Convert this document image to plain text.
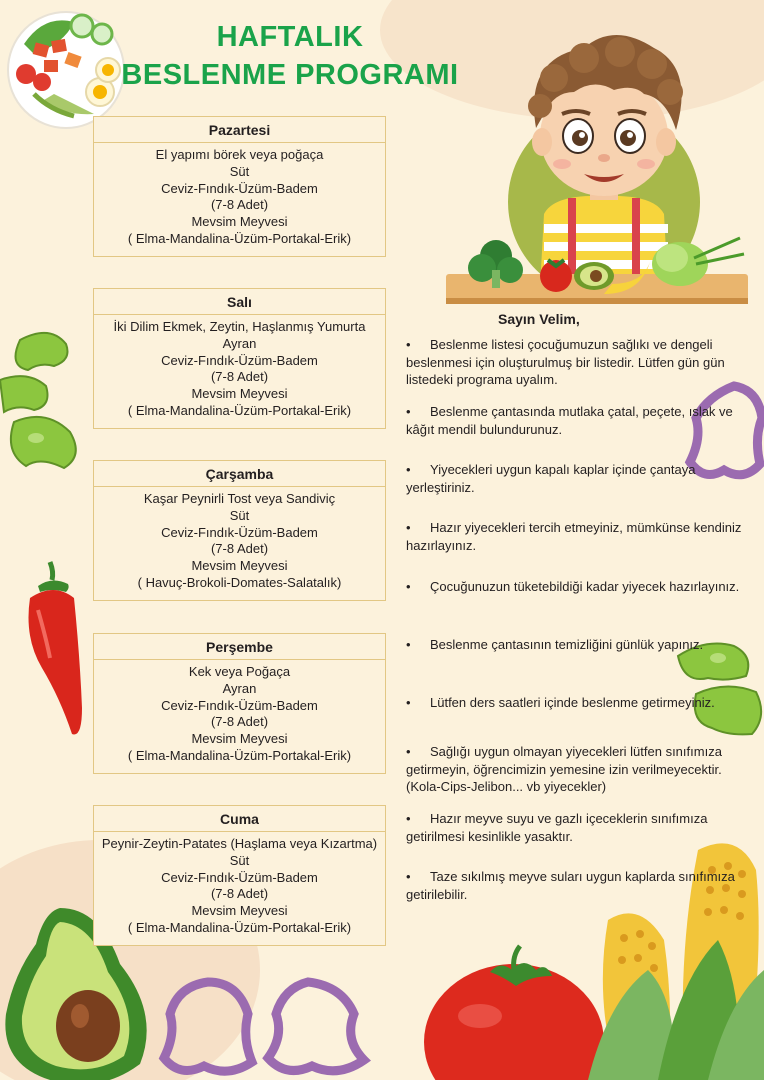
HAFTALIK
BESLENME PROGRAMI
Pazartesi
El yapımı börek veya poğaça
Süt
Ceviz-Fındık-Üzüm-Badem
(7-8 Adet)
Mevsim Meyvesi
( Elma-Mandalina-Üzüm-Portakal-Erik)
Salı
İki Dilim Ekmek, Zeytin, Haşlanmış Yumurta
Ayran
Ceviz-Fındık-Üzüm-Badem
(7-8 Adet)
Mevsim Meyvesi
( Elma-Mandalina-Üzüm-Portakal-Erik)
Çarşamba
Kaşar Peynirli Tost veya Sandiviç
Süt
Ceviz-Fındık-Üzüm-Badem
(7-8 Adet)
Mevsim Meyvesi
( Havuç-Brokoli-Domates-Salatalık)
Perşembe
Kek veya Poğaça
Ayran
Ceviz-Fındık-Üzüm-Badem
(7-8 Adet)
Mevsim Meyvesi
( Elma-Mandalina-Üzüm-Portakal-Erik)
Cuma
Peynir-Zeytin-Patates (Haşlama veya Kızartma)
Süt
Ceviz-Fındık-Üzüm-Badem
(7-8 Adet)
Mevsim Meyvesi
( Elma-Mandalina-Üzüm-Portakal-Erik)
Sayın Velim,
•	Beslenme listesi çocuğumuzun sağlıkı ve dengeli beslenmesi için oluşturulmuş bir listedir. Lütfen gün gün listedeki programa uyalım.
•	Beslenme çantasında mutlaka çatal, peçete, ıslak ve kâğıt mendil bulundurunuz.
•	Yiyecekleri uygun kapalı kaplar içinde çantaya yerleştiriniz.
•	Hazır yiyecekleri tercih etmeyiniz, mümkünse kendiniz hazırlayınız.
•	Çocuğunuzun tüketebildiği kadar yiyecek hazırlayınız.
•	Beslenme çantasının temizliğini günlük yapınız.
•	Lütfen ders saatleri içinde beslenme getirmeyiniz.
•	Sağlığı uygun olmayan yiyecekleri lütfen sınıfımıza getirmeyin, öğrencimizin yemesine izin verilmeyecektir. (Kola-Cips-Jelibon... vb yiyecekler)
•	Hazır meyve suyu ve gazlı içeceklerin sınıfımıza getirilmesi kesinlikle yasaktır.
•	Taze sıkılmış meyve suları uygun kaplarda sınıfımıza getirilebilir.
